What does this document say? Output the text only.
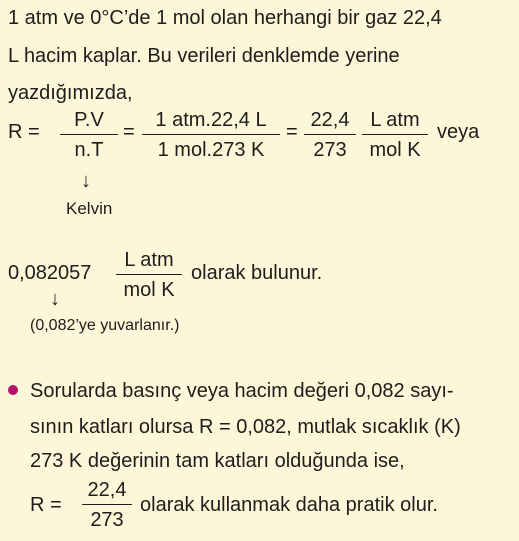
1 atm ve 0°C’de 1 mol olan herhangi bir gaz 22,4
L hacim kaplar. Bu verileri denklemde yerine
yazdığımızda,
R =
P.V
n.T
=
1 atm.22,4 L
1 mol.273 K
=
22,4
273
L atm
mol K
veya
↓
Kelvin
0,082057
L atm
mol K
olarak bulunur.
↓
(0,082’ye yuvarlanır.)
Sorularda basınç veya hacim değeri 0,082 sayı-
sının katları olursa R = 0,082, mutlak sıcaklık (K)
273 K değerinin tam katları olduğunda ise,
R =
22,4
273
olarak kullanmak daha pratik olur.
